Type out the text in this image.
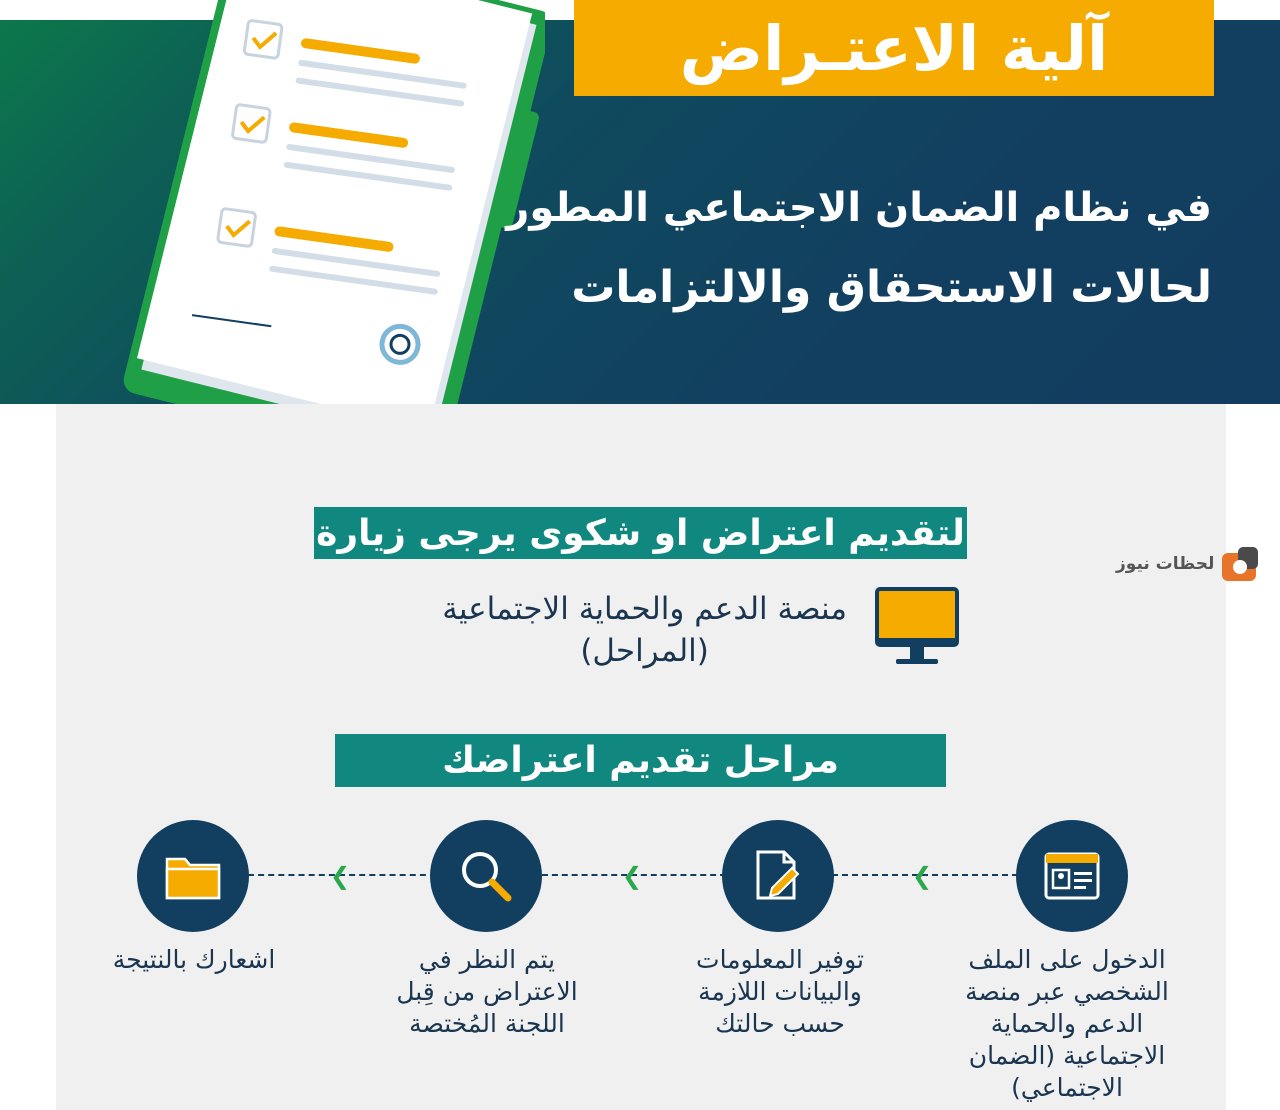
آلية الاعتـراض
في نظام الضمان الاجتماعي المطور
لحالات الاستحقاق والالتزامات
لتقديم اعتراض او شكوى يرجى زيارة
منصة الدعم والحماية الاجتماعية
(المراحل)
مراحل تقديم اعتراضك
❮	❮	❮
الدخول على الملف الشخصي عبر منصة الدعم والحماية الاجتماعية (الضمان الاجتماعي)
توفير المعلومات والبيانات اللازمة حسب حالتك
يتم النظر في الاعتراض من قِبل اللجنة المُختصة
اشعارك بالنتيجة
لحظات نيوز
